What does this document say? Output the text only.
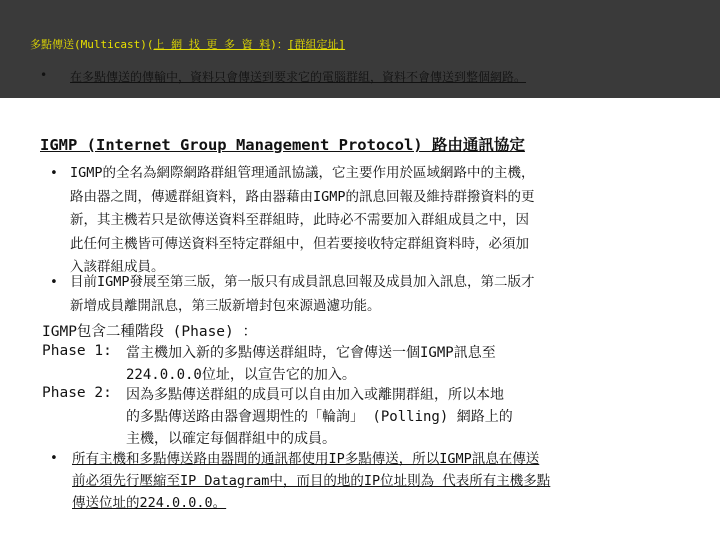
多點傳送(Multicast)(上 網 找 更 多 資 料)：[群組定址]
• 在多點傳送的傳輸中，資料只會傳送到要求它的電腦群組，資料不會傳送到整個網路。
IGMP (Internet Group Management Protocol) 路由通訊協定
• IGMP的全名為網際網路群組管理通訊協議，它主要作用於區域網路中的主機，
路由器之間，傳遞群組資料，路由器藉由IGMP的訊息回報及維持群撥資料的更
新，其主機若只是欲傳送資料至群組時，此時必不需要加入群組成員之中，因
此任何主機皆可傳送資料至特定群組中，但若要接收特定群組資料時，必須加
入該群組成員。
• 目前IGMP發展至第三版，第一版只有成員訊息回報及成員加入訊息，第二版才
新增成員離開訊息，第三版新增封包來源過濾功能。
IGMP包含二種階段 (Phase) ：
Phase 1: 當主機加入新的多點傳送群組時，它會傳送一個IGMP訊息至
224.0.0.0位址，以宣告它的加入。
Phase 2: 因為多點傳送群組的成員可以自由加入或離開群組，所以本地
的多點傳送路由器會週期性的「輪詢」 (Polling) 網路上的
主機，以確定每個群組中的成員。
• 所有主機和多點傳送路由器間的通訊都使用IP多點傳送，所以IGMP訊息在傳送
前必須先行壓縮至IP Datagram中，而目的地的IP位址則為 代表所有主機多點
傳送位址的224.0.0.0。
